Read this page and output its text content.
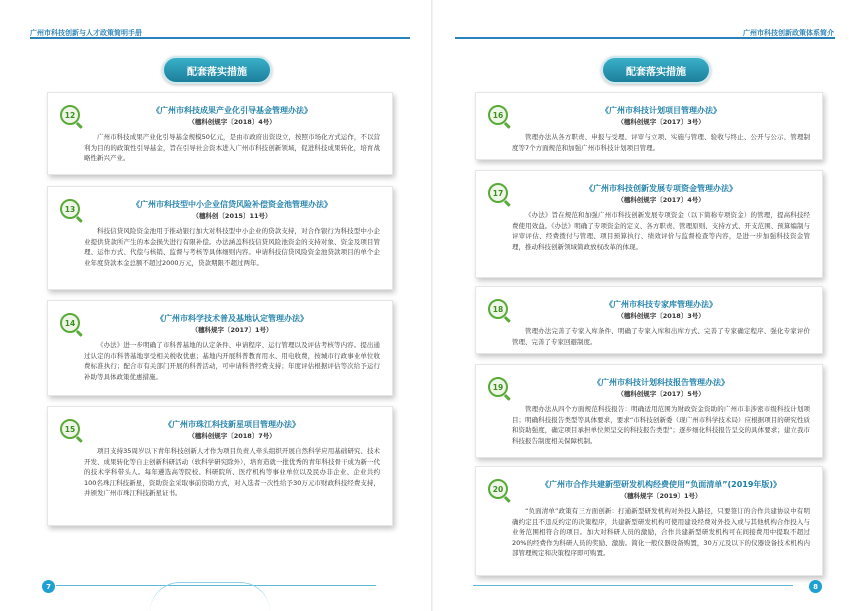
广州市科技创新与人才政策简明手册
配套落实措施
12	《广州市科技成果产业化引导基金管理办法》
（穗科创规字〔2018〕4号）
广州市科技成果产业化引导基金规模50亿元，是由市政府出资设立，按照市场化方式运作，不以营利为目的的政策性引导基金，旨在引导社会资本进入广州市科技创新领域，促进科技成果转化，培育战略性新兴产业。
13	《广州市科技型中小企业信贷风险补偿资金池管理办法》
（穗科创〔2015〕11号）
科技信贷风险资金池用于推动银行加大对科技型中小企业的贷款支持，对合作银行为科技型中小企业提供贷款所产生的本金损失进行有限补偿。办法涵盖科技信贷风险池资金的支持对象、资金及项目管理、运作方式、代偿与核销、监督与考核等具体细则内容。申请科技信贷风险资金池贷款项目的单个企业年度贷款本金总额不超过2000万元，贷款期限不超过两年。
14	《广州市科学技术普及基地认定管理办法》
（穗科规字〔2017〕1号）
《办法》进一步明确了市科普基地的认定条件、申请程序、运行管理以及评估考核等内容。提出通过认定的市科普基地享受相关税收优惠；基地内开展科普教育用水、用电收费，按城市行政事业单位收费标准执行；配合市有关部门开展的科普活动，可申请科普经费支持；年度评估根据评估等次给予运行补助等具体政策优惠措施。
15	《广州市珠江科技新星项目管理办法》
（穗科创规字〔2018〕7号）
项目支持35周岁以下青年科技创新人才作为项目负责人牵头组织开展自然科学应用基础研究、技术开发、成果转化等自主创新科研活动（软科学研究除外），培育造就一批优秀的青年科技骨干成为新一代的技术学科带头人。每年遴选高等院校、科研院所、医疗机构等事业单位以及民办非企业、企业共约100名珠江科技新星，资助资金采取事前资助方式，对入选者一次性给予30万元市财政科技经费支持，并颁发广州市珠江科技新星证书。
7
广州市科技创新政策体系简介
配套落实措施
16	《广州市科技计划项目管理办法》
（穗科创规字〔2017〕3号）
管理办法从各方职责、申报与受理、评审与立项、实施与管理、验收与终止、公开与公示、管理制度等7个方面规范和加强广州市科技计划项目管理。
17	《广州市科技创新发展专项资金管理办法》
（穗科创规字〔2017〕4号）
《办法》旨在规范和加强广州市科技创新发展专项资金（以下简称专项资金）的管理，提高科技经费使用效益。《办法》明确了专项资金的定义、各方职责、管理原则、支持方式、开支范围、预算编制与评审评估、经费拨付与管理、项目预算执行、绩效评价与监督检查等内容，是进一步加强科技资金管理，推动科技创新领域简政放权改革的体现。
18	《广州市科技专家库管理办法》
（穗科创规字〔2018〕3号）
管理办法完善了专家入库条件、明确了专家入库和出库方式、完善了专家确定程序、强化专家评价管理、完善了专家回避制度。
19	《广州市科技计划科技报告管理办法》
（穗科创规字〔2017〕5号）
管理办法从四个方面规范科技报告：明确适用范围为财政资金资助的广州市非涉密市级科技计划项目；明确科技报告类型等具体要求，要求“市科技创新委（现广州市科学技术局）应根据项目的研究性质和资助强度，确定项目承担单位须呈交的科技报告类型”；逐步细化科技报告呈交的具体要求；建立我市科技报告制度相关保障机制。
20	《广州市合作共建新型研发机构经费使用“负面清单”(2019年版)》
（穗科规字〔2019〕1号）
“负面清单”政策有三方面创新：打通新型研发机构对外投入路径，只要签订的合作共建协议中有明确约定且不违反约定的决策程序，共建新型研发机构可使用建设经费对外投入或与其他机构合作投入与业务范围相符合的项目。加大对科研人员的激励，合作共建新型研发机构可在间接费用中提取不超过20%的经费作为科研人员的奖励、激励。简化一般仪器设备购置，30万元及以下的仪器设备技术机构内部管理规定和决策程序即可购置。
8
